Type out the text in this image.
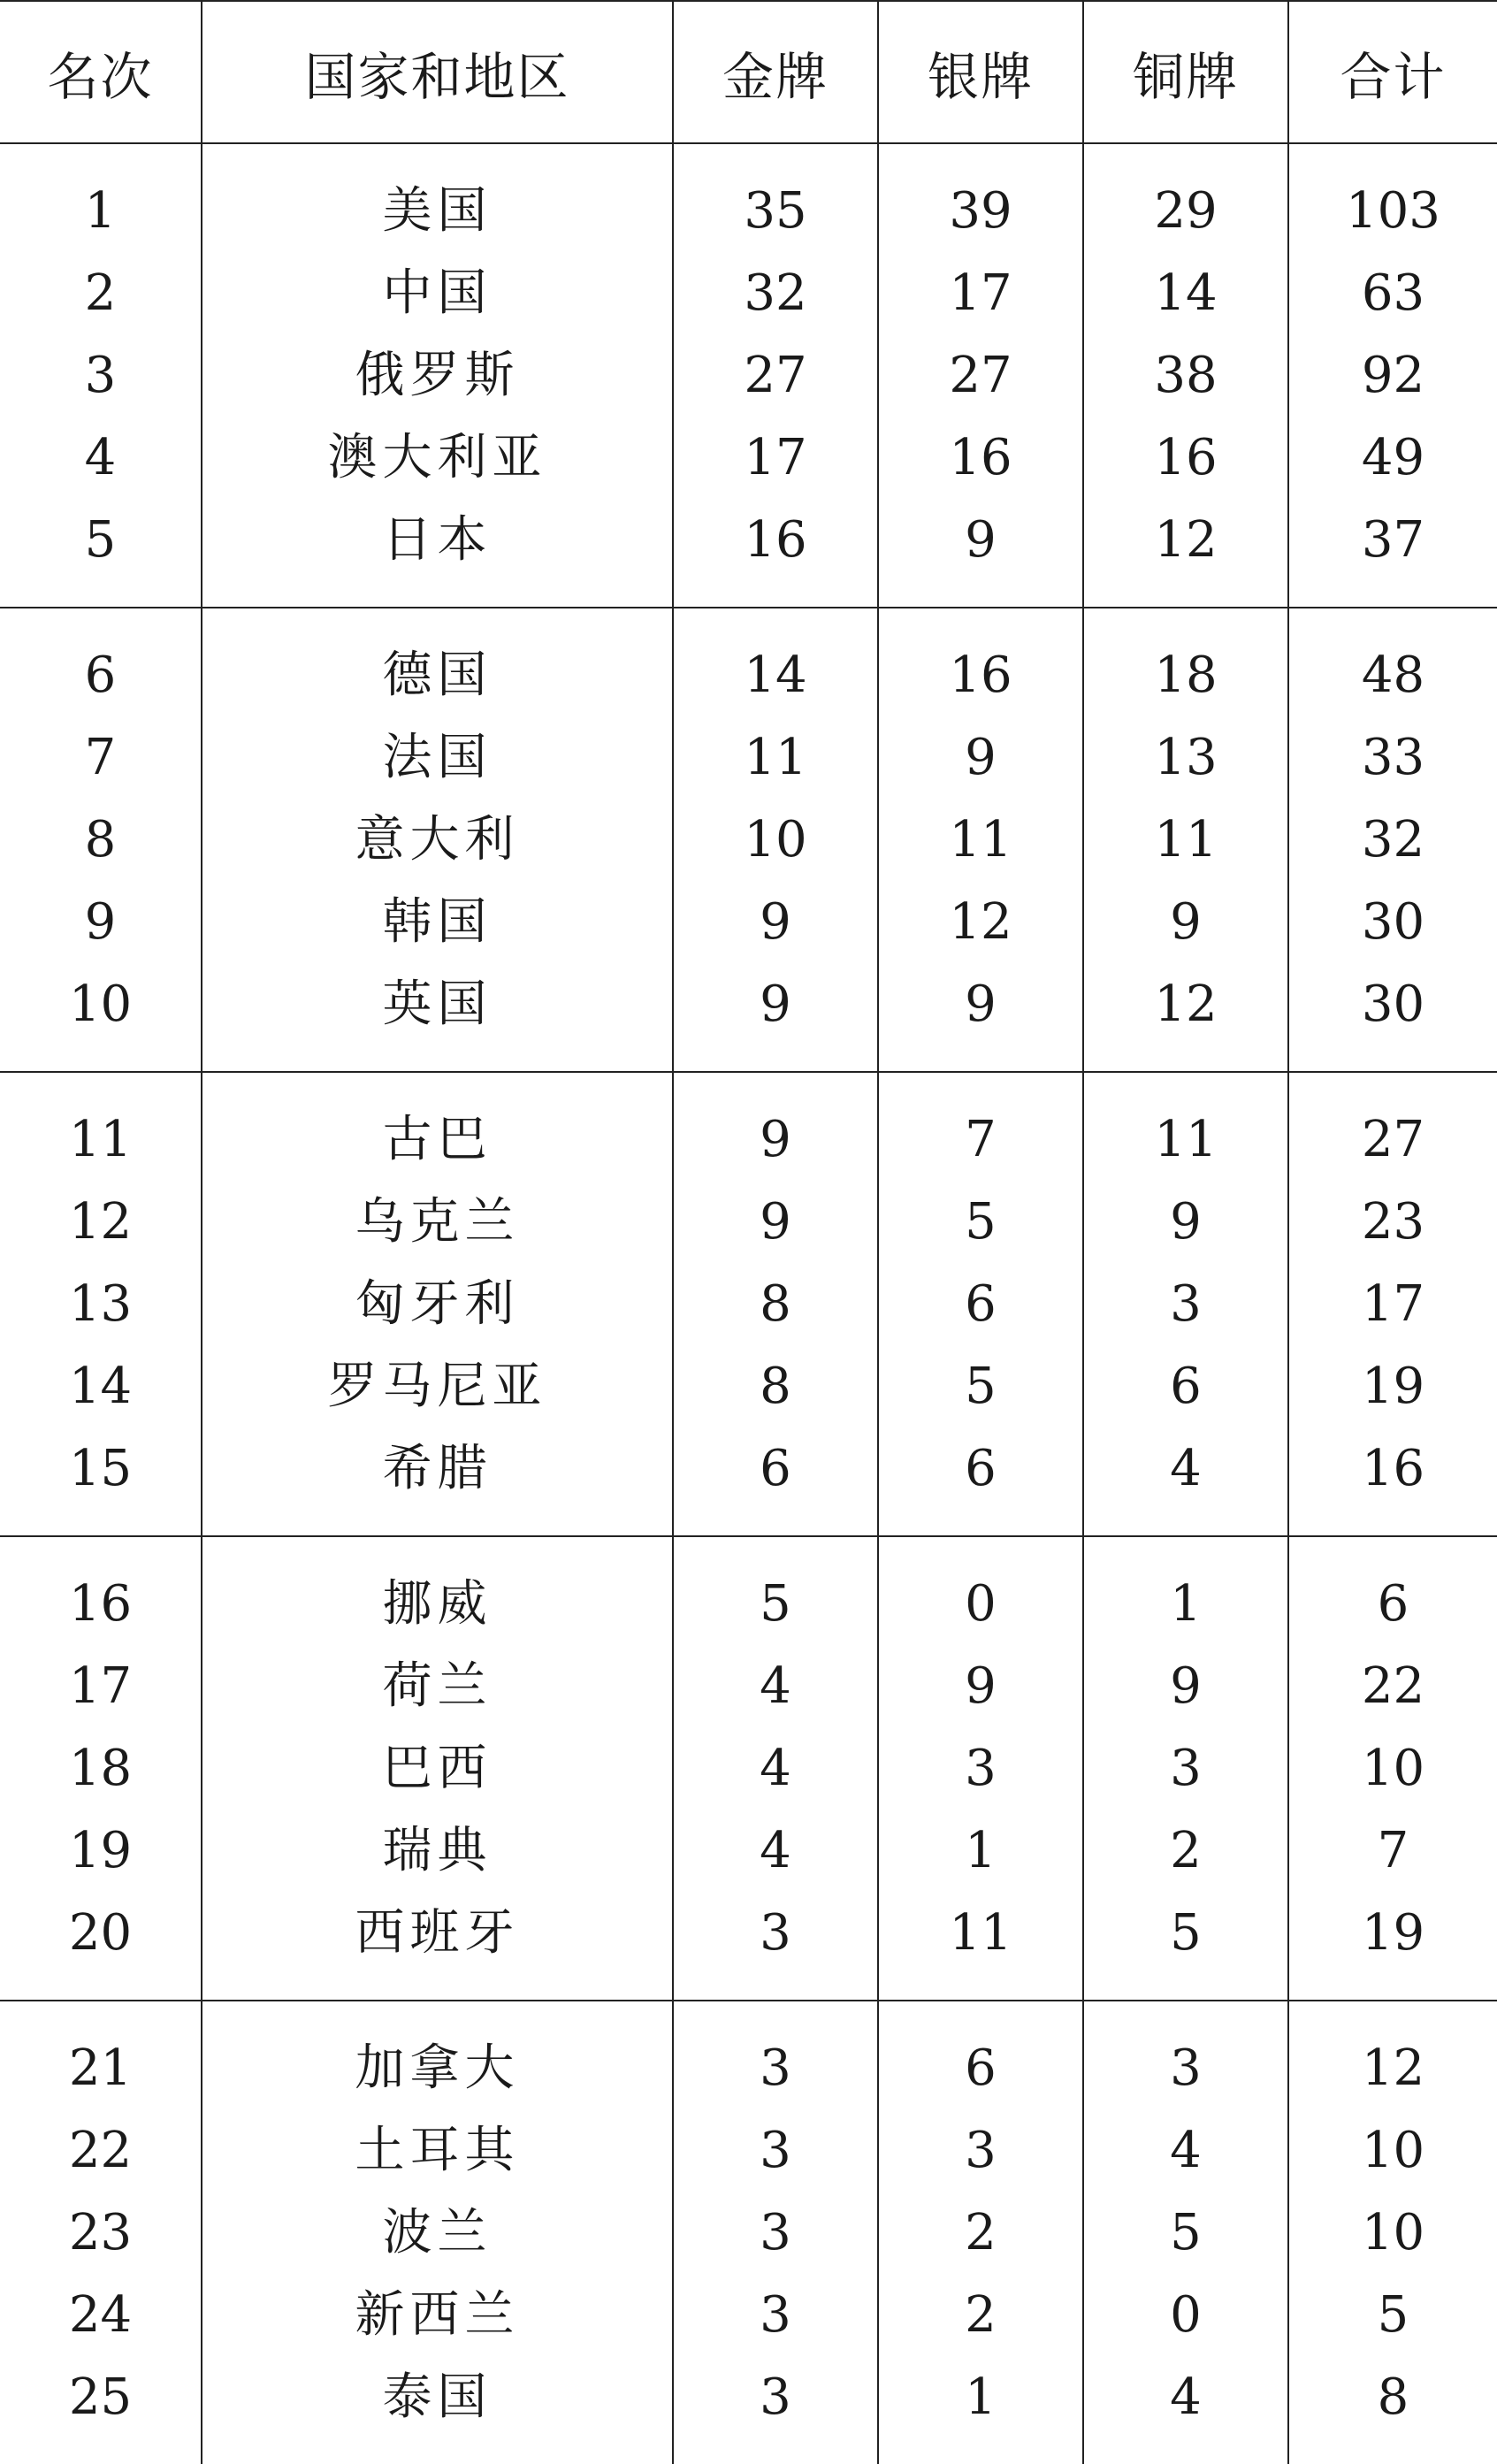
名次	国家和地区	金牌	银牌	铜牌	合计
1	美国	35	39	29	103
2	中国	32	17	14	63
3	俄罗斯	27	27	38	92
4	澳大利亚	17	16	16	49
5	日本	16	9	12	37
6	德国	14	16	18	48
7	法国	11	9	13	33
8	意大利	10	11	11	32
9	韩国	9	12	9	30
10	英国	9	9	12	30
11	古巴	9	7	11	27
12	乌克兰	9	5	9	23
13	匈牙利	8	6	3	17
14	罗马尼亚	8	5	6	19
15	希腊	6	6	4	16
16	挪威	5	0	1	6
17	荷兰	4	9	9	22
18	巴西	4	3	3	10
19	瑞典	4	1	2	7
20	西班牙	3	11	5	19
21	加拿大	3	6	3	12
22	土耳其	3	3	4	10
23	波兰	3	2	5	10
24	新西兰	3	2	0	5
25	泰国	3	1	4	8
